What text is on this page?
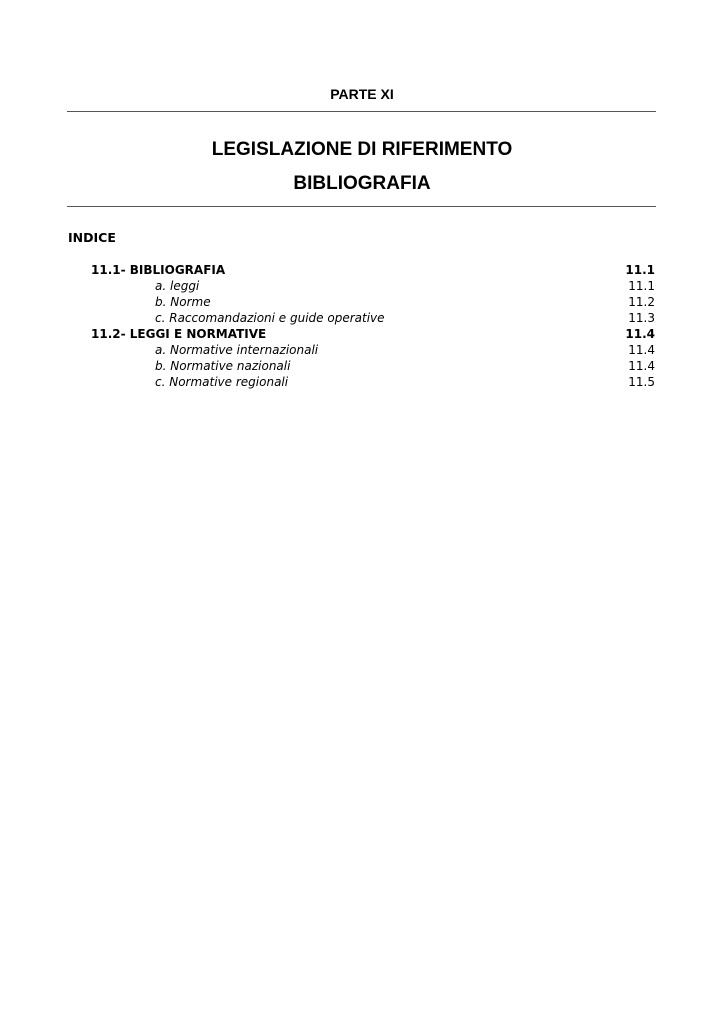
PARTE XI
LEGISLAZIONE DI RIFERIMENTO
BIBLIOGRAFIA
INDICE
11.1- BIBLIOGRAFIA	11.1
a. leggi	11.1
b. Norme	11.2
c. Raccomandazioni e guide operative	11.3
11.2- LEGGI E NORMATIVE	11.4
a. Normative internazionali	11.4
b. Normative nazionali	11.4
c. Normative regionali	11.5
